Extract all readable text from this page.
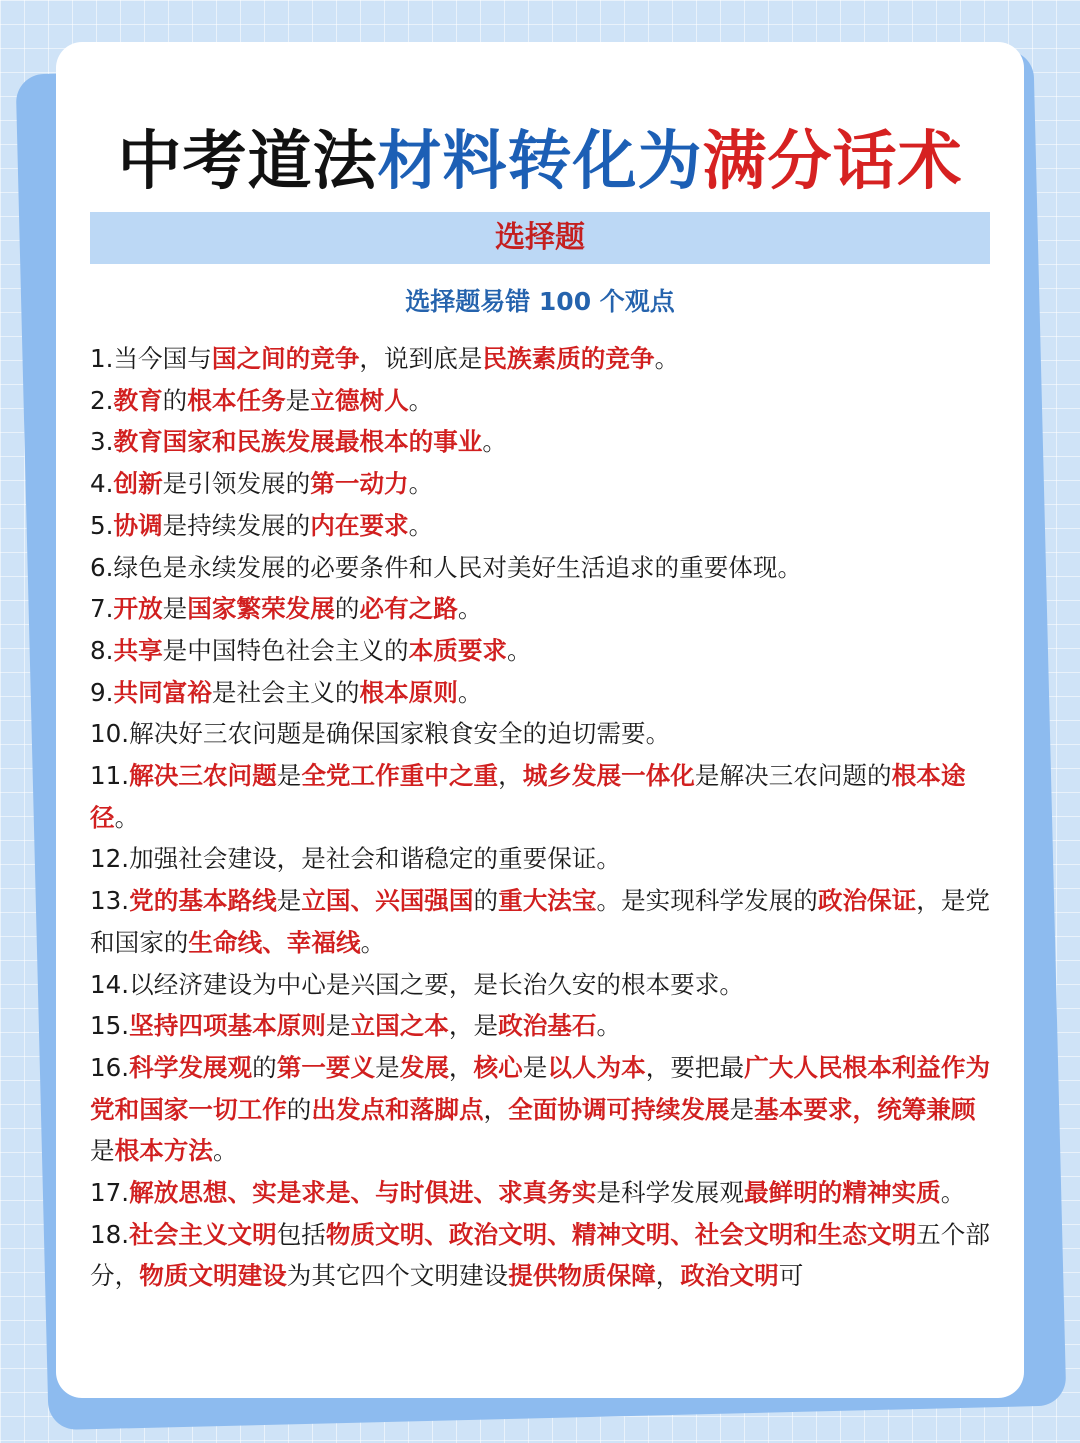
中考道法材料转化为满分话术
选择题
选择题易错 100 个观点
1.当今国与国之间的竞争，说到底是民族素质的竞争。
2.教育的根本任务是立德树人。
3.教育国家和民族发展最根本的事业。
4.创新是引领发展的第一动力。
5.协调是持续发展的内在要求。
6.绿色是永续发展的必要条件和人民对美好生活追求的重要体现。
7.开放是国家繁荣发展的必有之路。
8.共享是中国特色社会主义的本质要求。
9.共同富裕是社会主义的根本原则。
10.解决好三农问题是确保国家粮食安全的迫切需要。
11.解决三农问题是全党工作重中之重，城乡发展一体化是解决三农问题的根本途径。
12.加强社会建设，是社会和谐稳定的重要保证。
13.党的基本路线是立国、兴国强国的重大法宝。是实现科学发展的政治保证，是党和国家的生命线、幸福线。
14.以经济建设为中心是兴国之要，是长治久安的根本要求。
15.坚持四项基本原则是立国之本，是政治基石。
16.科学发展观的第一要义是发展，核心是以人为本，要把最广大人民根本利益作为党和国家一切工作的出发点和落脚点，全面协调可持续发展是基本要求，统筹兼顾是根本方法。
17.解放思想、实是求是、与时俱进、求真务实是科学发展观最鲜明的精神实质。
18.社会主义文明包括物质文明、政治文明、精神文明、社会文明和生态文明五个部分，物质文明建设为其它四个文明建设提供物质保障，政治文明可
